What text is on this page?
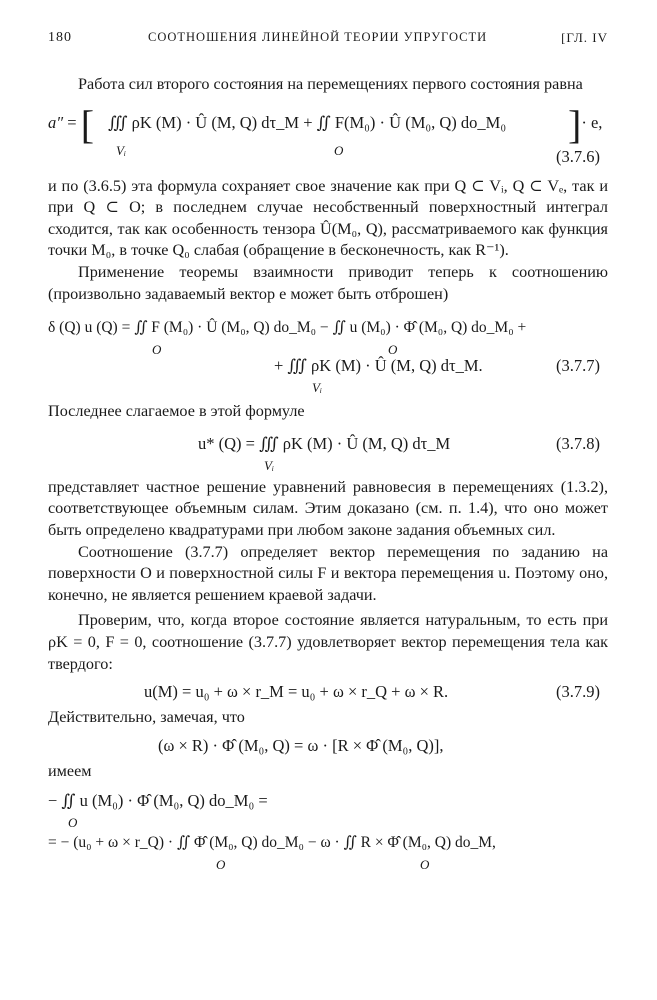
180	СООТНОШЕНИЯ ЛИНЕЙНОЙ ТЕОРИИ УПРУГОСТИ	[ГЛ. IV

Работа сил второго состояния на перемещениях первого состояния равна

a″ = [ ∭ ρK (M) · Û (M, Q) dτ_M + ∬ F(M₀) · Û (M₀, Q) do_M₀ ]· e,
Vᵢ	O	(3.7.6)

и по (3.6.5) эта формула сохраняет свое значение как при Q ⊂ Vᵢ, Q ⊂ Vₑ, так и при Q ⊂ O; в последнем случае несобственный поверхностный интеграл сходится, так как особенность тензора Û(M₀, Q), рассматриваемого как функция точки M₀, в точке Q₀ слабая (обращение в бесконечность, как R⁻¹).

Применение теоремы взаимности приводит теперь к соотношению (произвольно задаваемый вектор e может быть отброшен)

δ (Q) u (Q) = ∬ F (M₀) · Û (M₀, Q) do_M₀ − ∬ u (M₀) · Φ̂ (M₀, Q) do_M₀ +
O	O
+ ∭ ρK (M) · Û (M, Q) dτ_M.
Vᵢ
(3.7.7)

Последнее слагаемое в этой формуле

u* (Q) = ∭ ρK (M) · Û (M, Q) dτ_M
Vᵢ
(3.7.8)

представляет частное решение уравнений равновесия в перемещениях (1.3.2), соответствующее объемным силам. Этим доказано (см. п. 1.4), что оно может быть определено квадратурами при любом законе задания объемных сил.

Соотношение (3.7.7) определяет вектор перемещения по заданию на поверхности O и поверхностной силы F и вектора перемещения u. Поэтому оно, конечно, не является решением краевой задачи.

Проверим, что, когда второе состояние является натуральным, то есть при ρK = 0, F = 0, соотношение (3.7.7) удовлетворяет вектор перемещения тела как твердого:

u(M) = u₀ + ω × r_M = u₀ + ω × r_Q + ω × R.	(3.7.9)

Действительно, замечая, что

(ω × R) · Φ̂ (M₀, Q) = ω · [R × Φ̂ (M₀, Q)],

имеем

− ∬ u (M₀) · Φ̂ (M₀, Q) do_M₀ =
O
= − (u₀ + ω × r_Q) · ∬ Φ̂ (M₀, Q) do_M₀ − ω · ∬ R × Φ̂ (M₀, Q) do_M,
O	O
